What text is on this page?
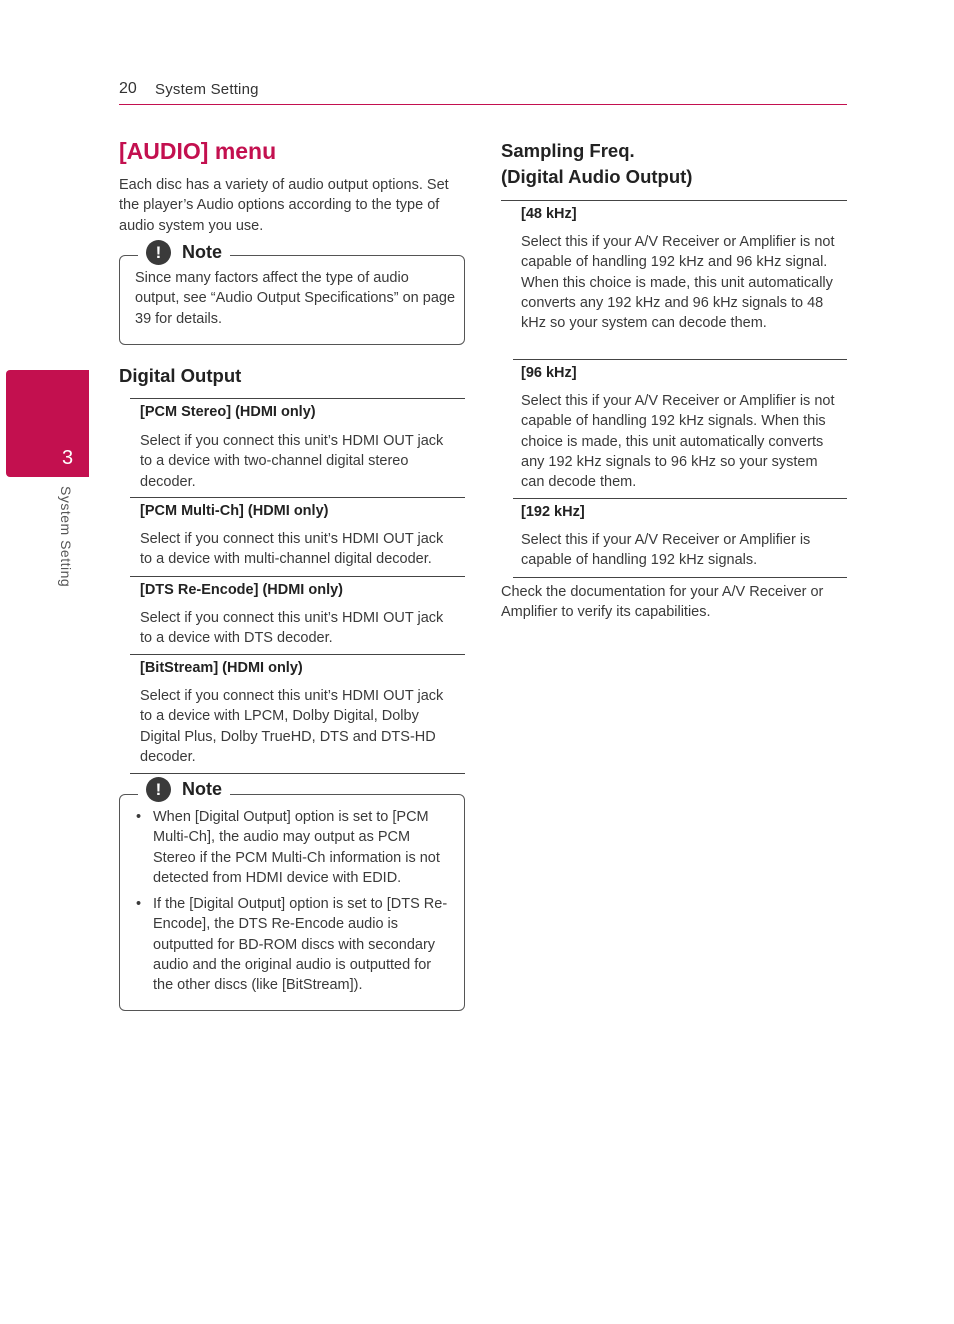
20 System Setting
3
System Setting
[AUDIO] menu
Each disc has a variety of audio output options. Set the player’s Audio options according to the type of audio system you use.
!	Note
Since many factors affect the type of audio output, see “Audio Output Specifications” on page 39 for details.
Digital Output
[PCM Stereo] (HDMI only)
Select if you connect this unit’s HDMI OUT jack to a device with two-channel digital stereo decoder.
[PCM Multi-Ch] (HDMI only)
Select if you connect this unit’s HDMI OUT jack to a device with multi-channel digital decoder.
[DTS Re-Encode] (HDMI only)
Select if you connect this unit’s HDMI OUT jack to a device with DTS decoder.
[BitStream] (HDMI only)
Select if you connect this unit’s HDMI OUT jack to a device with LPCM, Dolby Digital, Dolby Digital Plus, Dolby TrueHD, DTS and DTS-HD decoder.
!	Note
• When [Digital Output] option is set to [PCM Multi-Ch], the audio may output as PCM Stereo if the PCM Multi-Ch information is not detected from HDMI device with EDID.
• If the [Digital Output] option is set to [DTS Re-Encode], the DTS Re-Encode audio is outputted for BD-ROM discs with secondary audio and the original audio is outputted for the other discs (like [BitStream]).
Sampling Freq.
(Digital Audio Output)
[48 kHz]
Select this if your A/V Receiver or Amplifier is not capable of handling 192 kHz and 96 kHz signal. When this choice is made, this unit automatically converts any 192 kHz and 96 kHz signals to 48 kHz so your system can decode them.
[96 kHz]
Select this if your A/V Receiver or Amplifier is not capable of handling 192 kHz signals. When this choice is made, this unit automatically converts any 192 kHz signals to 96 kHz so your system can decode them.
[192 kHz]
Select this if your A/V Receiver or Amplifier is capable of handling 192 kHz signals.
Check the documentation for your A/V Receiver or Amplifier to verify its capabilities.
